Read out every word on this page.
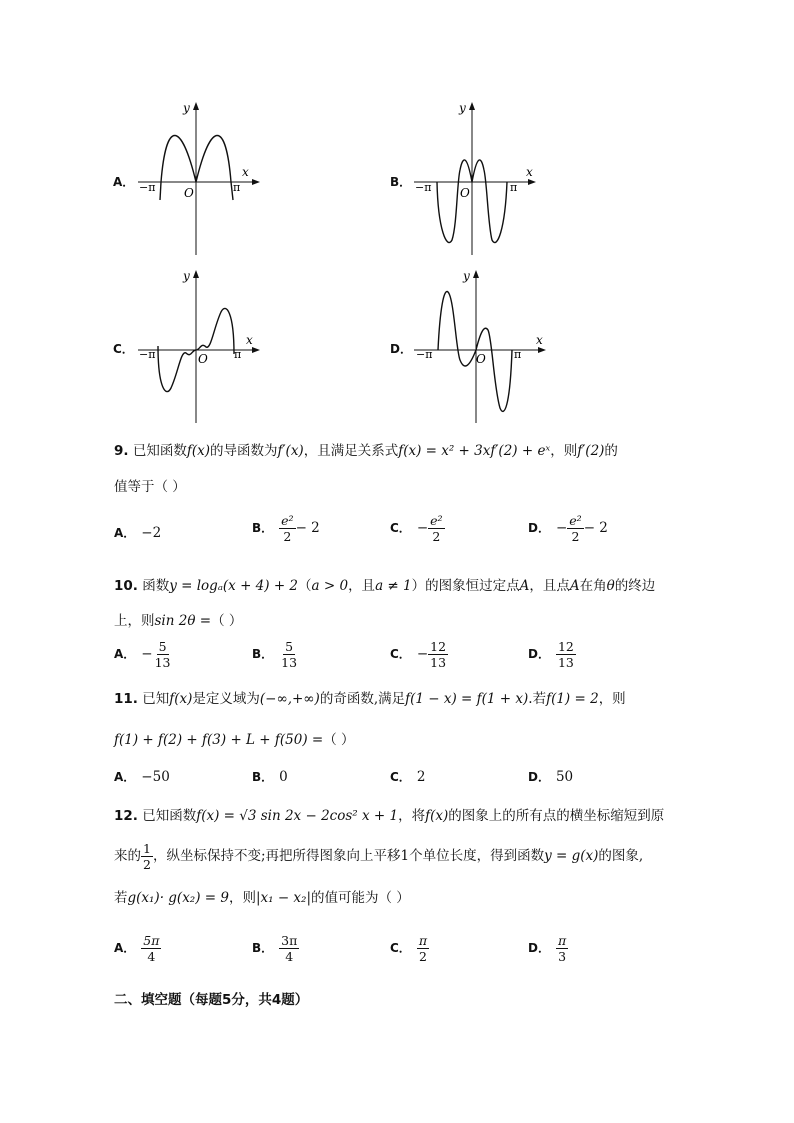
A．
y
x
O
−π	π	B．
y
x
O
−π	π
C．
y
x
O
−π	π	D．
y
x
O
−π	π
9. 已知函数f(x)的导函数为f′(x)，且满足关系式f(x) = x² + 3xf′(2) + eˣ，则f′(2)的
值等于（ ）
A． −2	B． $\frac{\text{e²}}{2} - 2$	C． − $\frac{\text{e²}}{2}$	D． − $\frac{\text{e²}}{2} - 2$
10. 函数y = logₐ(x + 4) + 2（a > 0，且a ≠ 1）的图象恒过定点A，且点A在角θ的终边
上，则sin 2θ =（ ）
A． − $\frac{5}{13}$	B． $\frac{5}{13}$	C． − $\frac{12}{13}$	D． $\frac{12}{13}$
11. 已知f(x)是定义域为(−∞,+∞)的奇函数,满足f(1 − x) = f(1 + x).若f(1) = 2，则
f(1) + f(2) + f(3) + L + f(50) =（ ）
A． −50	B． 0	C． 2	D． 50
12. 已知函数f(x) = √3 sin 2x − 2cos² x + 1，将f(x)的图象上的所有点的横坐标缩短到原
来的 $\frac{1}{2}$ ，纵坐标保持不变;再把所得图象向上平移1个单位长度，得到函数y = g(x)的图象,
若g(x₁)· g(x₂) = 9，则|x₁ − x₂|的值可能为（ ）
A． $\frac{5\pi}{4}$	B． $\frac{3\pi}{4}$	C． $\frac{\pi}{2}$	D． $\frac{\pi}{3}$
二、填空题（每题5分，共4题）
